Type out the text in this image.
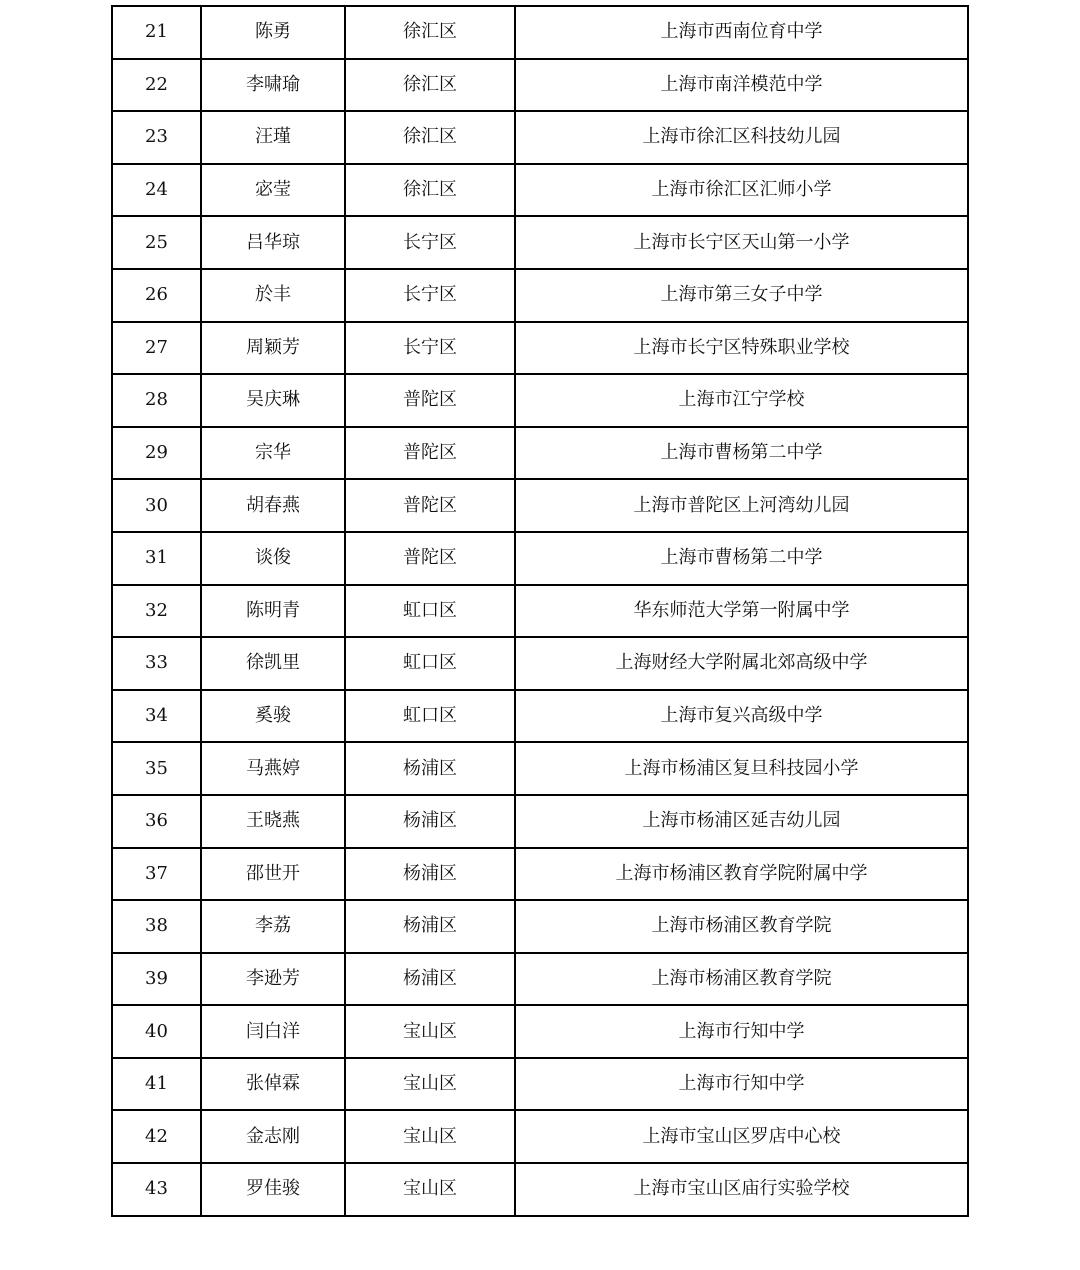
21	陈勇	徐汇区	上海市西南位育中学
22	李啸瑜	徐汇区	上海市南洋模范中学
23	汪瑾	徐汇区	上海市徐汇区科技幼儿园
24	宓莹	徐汇区	上海市徐汇区汇师小学
25	吕华琼	长宁区	上海市长宁区天山第一小学
26	於丰	长宁区	上海市第三女子中学
27	周颖芳	长宁区	上海市长宁区特殊职业学校
28	吴庆琳	普陀区	上海市江宁学校
29	宗华	普陀区	上海市曹杨第二中学
30	胡春燕	普陀区	上海市普陀区上河湾幼儿园
31	谈俊	普陀区	上海市曹杨第二中学
32	陈明青	虹口区	华东师范大学第一附属中学
33	徐凯里	虹口区	上海财经大学附属北郊高级中学
34	奚骏	虹口区	上海市复兴高级中学
35	马燕婷	杨浦区	上海市杨浦区复旦科技园小学
36	王晓燕	杨浦区	上海市杨浦区延吉幼儿园
37	邵世开	杨浦区	上海市杨浦区教育学院附属中学
38	李荔	杨浦区	上海市杨浦区教育学院
39	李逊芳	杨浦区	上海市杨浦区教育学院
40	闫白洋	宝山区	上海市行知中学
41	张倬霖	宝山区	上海市行知中学
42	金志刚	宝山区	上海市宝山区罗店中心校
43	罗佳骏	宝山区	上海市宝山区庙行实验学校
